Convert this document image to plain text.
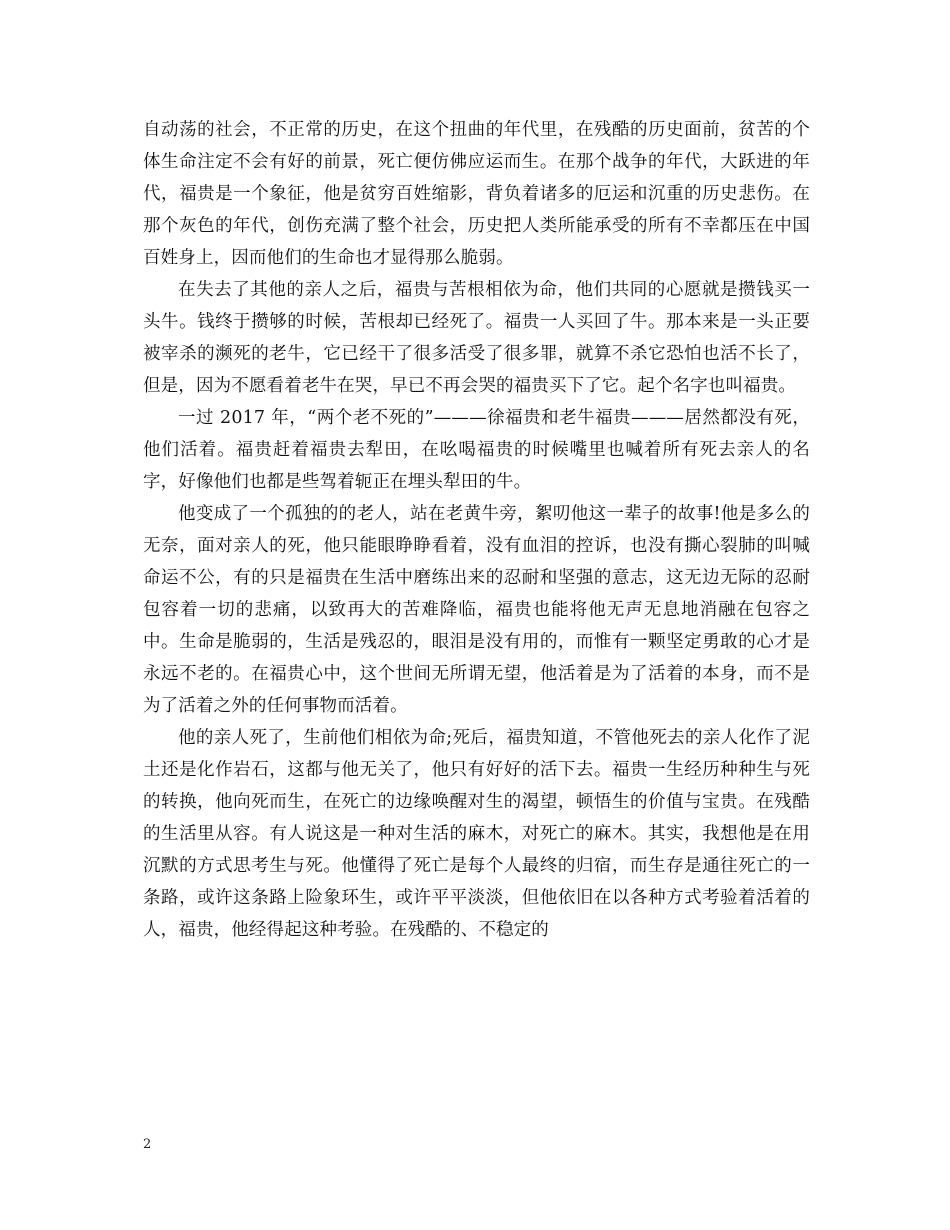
自动荡的社会，不正常的历史，在这个扭曲的年代里，在残酷的历史面前，贫苦的个体生命注定不会有好的前景，死亡便仿佛应运而生。在那个战争的年代，大跃进的年代，福贵是一个象征，他是贫穷百姓缩影，背负着诸多的厄运和沉重的历史悲伤。在那个灰色的年代，创伤充满了整个社会，历史把人类所能承受的所有不幸都压在中国百姓身上，因而他们的生命也才显得那么脆弱。

在失去了其他的亲人之后，福贵与苦根相依为命，他们共同的心愿就是攒钱买一头牛。钱终于攒够的时候，苦根却已经死了。福贵一人买回了牛。那本来是一头正要被宰杀的濒死的老牛，它已经干了很多活受了很多罪，就算不杀它恐怕也活不长了，但是，因为不愿看着老牛在哭，早已不再会哭的福贵买下了它。起个名字也叫福贵。

一过 2017 年，“两个老不死的”———徐福贵和老牛福贵———居然都没有死，他们活着。福贵赶着福贵去犁田，在吆喝福贵的时候嘴里也喊着所有死去亲人的名字，好像他们也都是些驾着轭正在埋头犁田的牛。

他变成了一个孤独的的老人，站在老黄牛旁，絮叨他这一辈子的故事!他是多么的无奈，面对亲人的死，他只能眼睁睁看着，没有血泪的控诉，也没有撕心裂肺的叫喊命运不公，有的只是福贵在生活中磨练出来的忍耐和坚强的意志，这无边无际的忍耐包容着一切的悲痛，以致再大的苦难降临，福贵也能将他无声无息地消融在包容之中。生命是脆弱的，生活是残忍的，眼泪是没有用的，而惟有一颗坚定勇敢的心才是永远不老的。在福贵心中，这个世间无所谓无望，他活着是为了活着的本身，而不是为了活着之外的任何事物而活着。

他的亲人死了，生前他们相依为命;死后，福贵知道，不管他死去的亲人化作了泥土还是化作岩石，这都与他无关了，他只有好好的活下去。福贵一生经历种种生与死的转换，他向死而生，在死亡的边缘唤醒对生的渴望，顿悟生的价值与宝贵。在残酷的生活里从容。有人说这是一种对生活的麻木，对死亡的麻木。其实，我想他是在用沉默的方式思考生与死。他懂得了死亡是每个人最终的归宿，而生存是通往死亡的一条路，或许这条路上险象环生，或许平平淡淡，但他依旧在以各种方式考验着活着的人，福贵，他经得起这种考验。在残酷的、不稳定的

2
